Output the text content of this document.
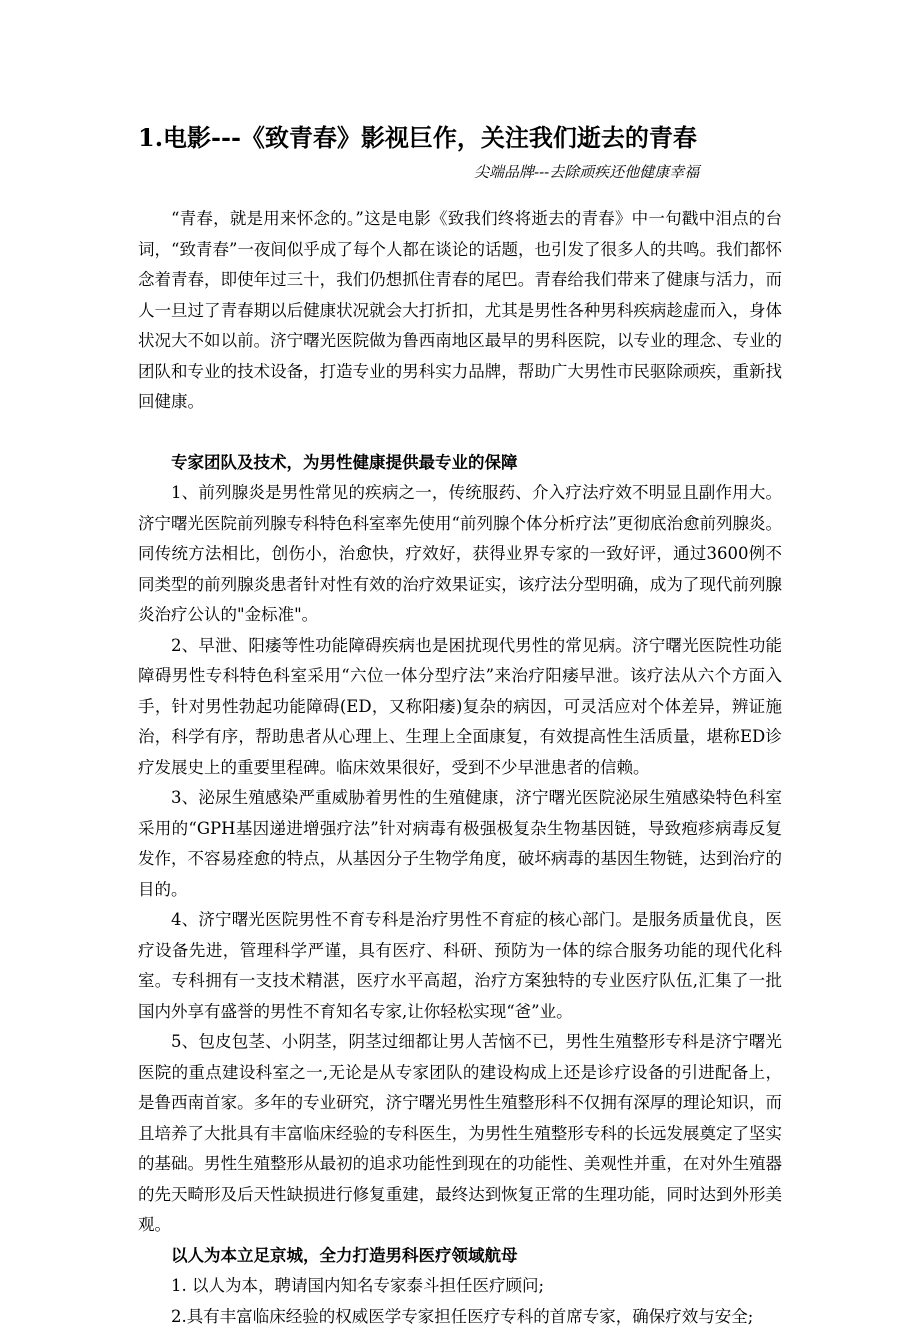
1.电影---《致青春》影视巨作，关注我们逝去的青春
尖端品牌---去除顽疾还他健康幸福

“青春，就是用来怀念的。”这是电影《致我们终将逝去的青春》中一句戳中泪点的台词，“致青春”一夜间似乎成了每个人都在谈论的话题，也引发了很多人的共鸣。我们都怀念着青春，即使年过三十，我们仍想抓住青春的尾巴。青春给我们带来了健康与活力，而人一旦过了青春期以后健康状况就会大打折扣，尤其是男性各种男科疾病趁虚而入，身体状况大不如以前。济宁曙光医院做为鲁西南地区最早的男科医院，以专业的理念、专业的团队和专业的技术设备，打造专业的男科实力品牌，帮助广大男性市民驱除顽疾，重新找回健康。

专家团队及技术，为男性健康提供最专业的保障

1、前列腺炎是男性常见的疾病之一，传统服药、介入疗法疗效不明显且副作用大。济宁曙光医院前列腺专科特色科室率先使用“前列腺个体分析疗法”更彻底治愈前列腺炎。同传统方法相比，创伤小，治愈快，疗效好，获得业界专家的一致好评，通过3600例不同类型的前列腺炎患者针对性有效的治疗效果证实，该疗法分型明确，成为了现代前列腺炎治疗公认的"金标准"。

2、早泄、阳痿等性功能障碍疾病也是困扰现代男性的常见病。济宁曙光医院性功能障碍男性专科特色科室采用“六位一体分型疗法”来治疗阳痿早泄。该疗法从六个方面入手，针对男性勃起功能障碍(ED，又称阳痿)复杂的病因，可灵活应对个体差异，辨证施治，科学有序，帮助患者从心理上、生理上全面康复，有效提高性生活质量，堪称ED诊疗发展史上的重要里程碑。临床效果很好，受到不少早泄患者的信赖。

3、泌尿生殖感染严重威胁着男性的生殖健康，济宁曙光医院泌尿生殖感染特色科室采用的“GPH基因递进增强疗法”针对病毒有极强极复杂生物基因链，导致疱疹病毒反复发作，不容易痊愈的特点，从基因分子生物学角度，破坏病毒的基因生物链，达到治疗的目的。

4、济宁曙光医院男性不育专科是治疗男性不育症的核心部门。是服务质量优良，医疗设备先进，管理科学严谨，具有医疗、科研、预防为一体的综合服务功能的现代化科室。专科拥有一支技术精湛，医疗水平高超，治疗方案独特的专业医疗队伍,汇集了一批国内外享有盛誉的男性不育知名专家,让你轻松实现“爸”业。

5、包皮包茎、小阴茎，阴茎过细都让男人苦恼不已，男性生殖整形专科是济宁曙光医院的重点建设科室之一,无论是从专家团队的建设构成上还是诊疗设备的引进配备上，是鲁西南首家。多年的专业研究，济宁曙光男性生殖整形科不仅拥有深厚的理论知识，而且培养了大批具有丰富临床经验的专科医生，为男性生殖整形专科的长远发展奠定了坚实的基础。男性生殖整形从最初的追求功能性到现在的功能性、美观性并重，在对外生殖器的先天畸形及后天性缺损进行修复重建，最终达到恢复正常的生理功能，同时达到外形美观。

以人为本立足京城，全力打造男科医疗领域航母

1. 以人为本，聘请国内知名专家泰斗担任医疗顾问;

2.具有丰富临床经验的权威医学专家担任医疗专科的首席专家，确保疗效与安全;
